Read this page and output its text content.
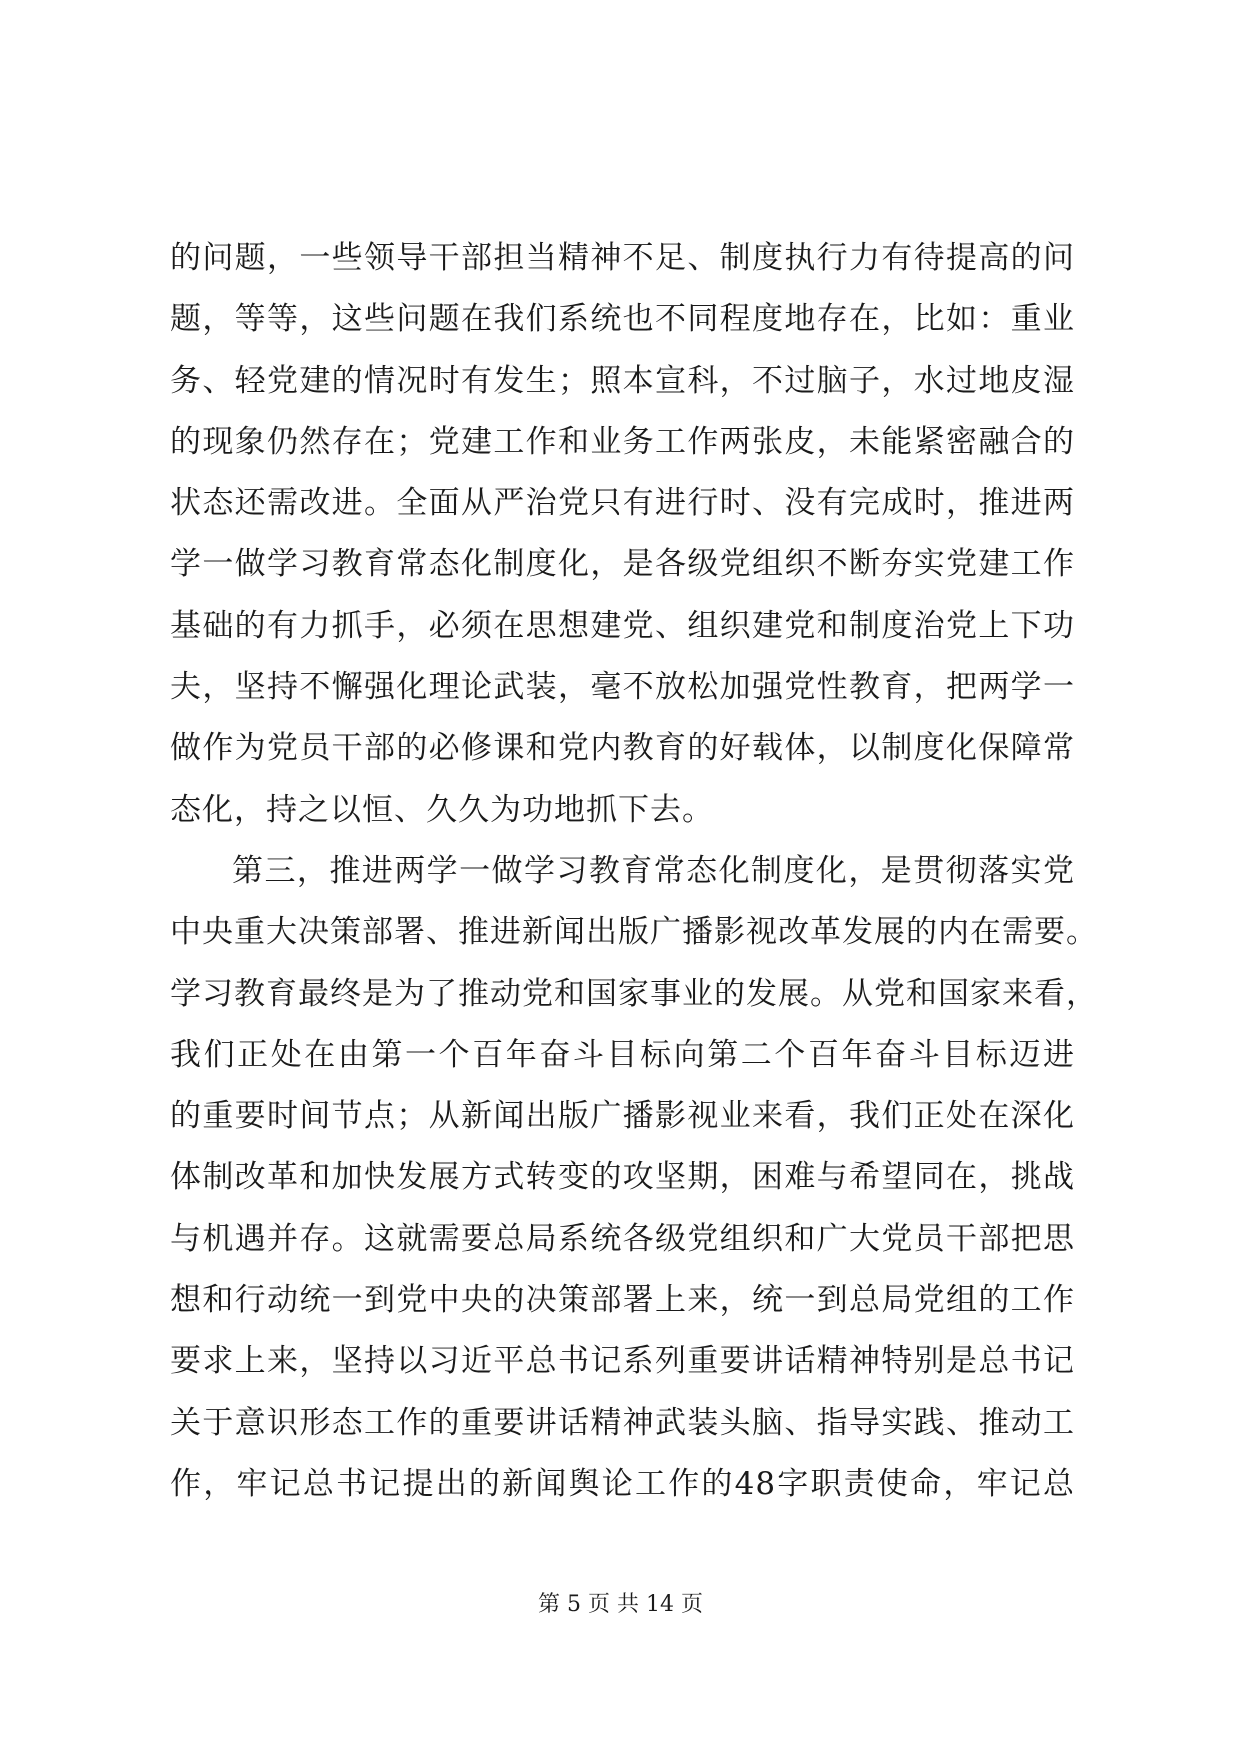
的问题，一些领导干部担当精神不足、制度执行力有待提高的问
题，等等，这些问题在我们系统也不同程度地存在，比如：重业
务、轻党建的情况时有发生；照本宣科，不过脑子，水过地皮湿
的现象仍然存在；党建工作和业务工作两张皮，未能紧密融合的
状态还需改进。全面从严治党只有进行时、没有完成时，推进两
学一做学习教育常态化制度化，是各级党组织不断夯实党建工作
基础的有力抓手，必须在思想建党、组织建党和制度治党上下功
夫，坚持不懈强化理论武装，毫不放松加强党性教育，把两学一
做作为党员干部的必修课和党内教育的好载体，以制度化保障常
态化，持之以恒、久久为功地抓下去。
第三，推进两学一做学习教育常态化制度化，是贯彻落实党
中央重大决策部署、推进新闻出版广播影视改革发展的内在需要。
学习教育最终是为了推动党和国家事业的发展。从党和国家来看，
我们正处在由第一个百年奋斗目标向第二个百年奋斗目标迈进
的重要时间节点；从新闻出版广播影视业来看，我们正处在深化
体制改革和加快发展方式转变的攻坚期，困难与希望同在，挑战
与机遇并存。这就需要总局系统各级党组织和广大党员干部把思
想和行动统一到党中央的决策部署上来，统一到总局党组的工作
要求上来，坚持以习近平总书记系列重要讲话精神特别是总书记
关于意识形态工作的重要讲话精神武装头脑、指导实践、推动工
作，牢记总书记提出的新闻舆论工作的48字职责使命，牢记总
第 5 页 共 14 页
